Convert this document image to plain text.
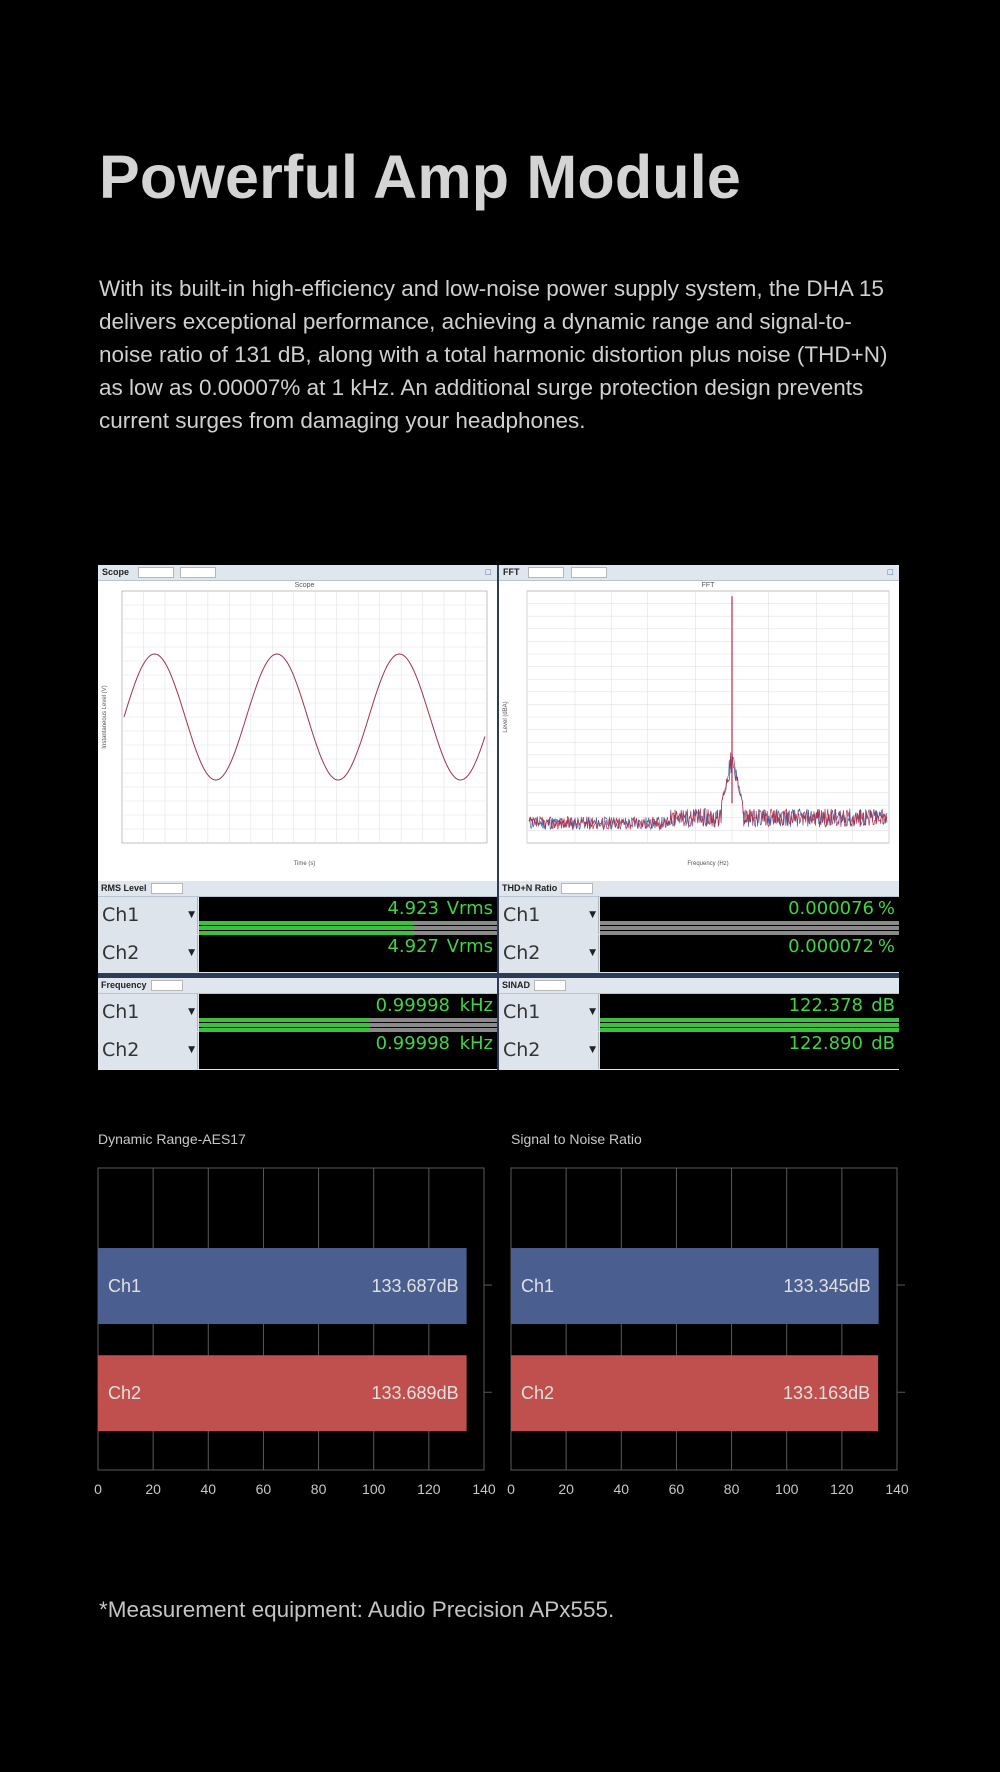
Powerful Amp Module

With its built-in high-efficiency and low-noise power supply system, the DHA 15 delivers exceptional performance, achieving a dynamic range and signal-to-noise ratio of 131 dB, along with a total harmonic distortion plus noise (THD+N) as low as 0.00007% at 1 kHz. An additional surge protection design prevents current surges from damaging your headphones.

Scope	□
Scope
Time (s)
Instantaneous Level (V)
FFT	□
FFT
Frequency (Hz)
Level (dBA)
RMS Level
Ch1	▼	4.923 Vrms
Ch2	▼	4.927 Vrms
THD+N Ratio
Ch1	▼	0.000076 %
Ch2	▼	0.000072 %
Frequency
Ch1	▼	0.99998 kHz
Ch2	▼	0.99998 kHz
SINAD
Ch1	▼	122.378 dB
Ch2	▼	122.890 dB
Dynamic Range-AES17	Signal to Noise Ratio
0	20	40	60	80	100 120 140
Ch1	133.687dB
Ch2	133.689dB
0	20	40	60	80	100 120 140
Ch1	133.345dB
Ch2	133.163dB

*Measurement equipment: Audio Precision APx555.
